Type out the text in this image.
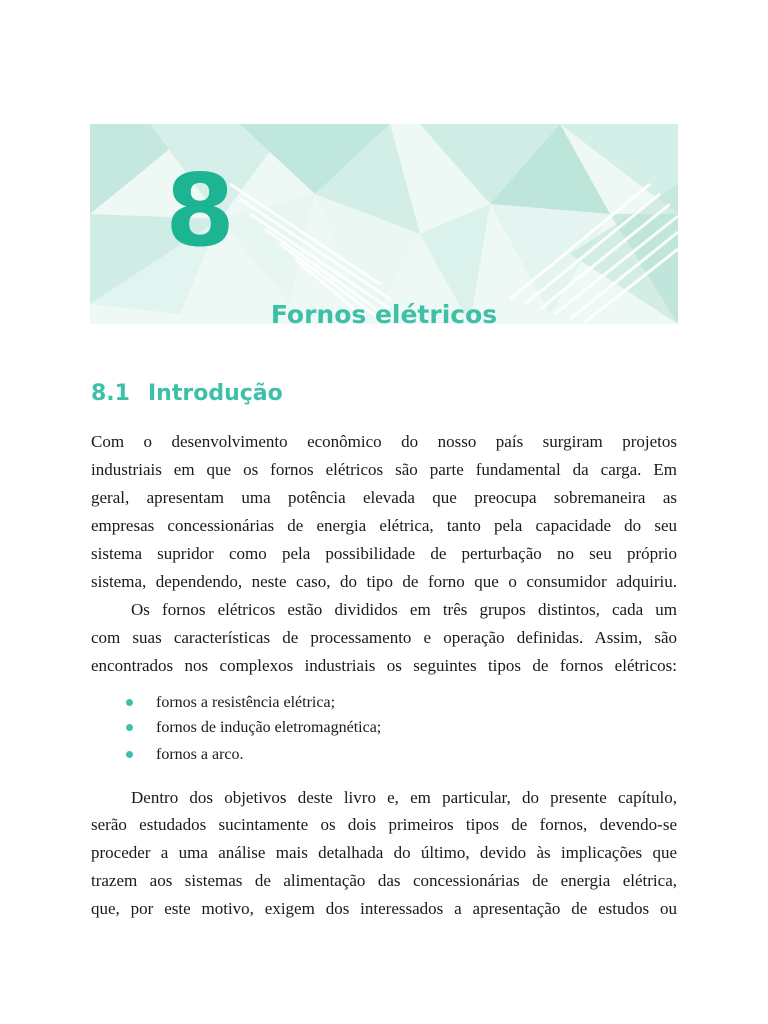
8
Fornos elétricos
8.1 Introdução
Com o desenvolvimento econômico do nosso país surgiram projetos
industriais em que os fornos elétricos são parte fundamental da carga. Em
geral, apresentam uma potência elevada que preocupa sobremaneira as
empresas concessionárias de energia elétrica, tanto pela capacidade do seu
sistema supridor como pela possibilidade de perturbação no seu próprio
sistema, dependendo, neste caso, do tipo de forno que o consumidor adquiriu.
Os fornos elétricos estão divididos em três grupos distintos, cada um
com suas características de processamento e operação definidas. Assim, são
encontrados nos complexos industriais os seguintes tipos de fornos elétricos:
fornos a resistência elétrica;
fornos de indução eletromagnética;
fornos a arco.
Dentro dos objetivos deste livro e, em particular, do presente capítulo,
serão estudados sucintamente os dois primeiros tipos de fornos, devendo-se
proceder a uma análise mais detalhada do último, devido às implicações que
trazem aos sistemas de alimentação das concessionárias de energia elétrica,
que, por este motivo, exigem dos interessados a apresentação de estudos ou
